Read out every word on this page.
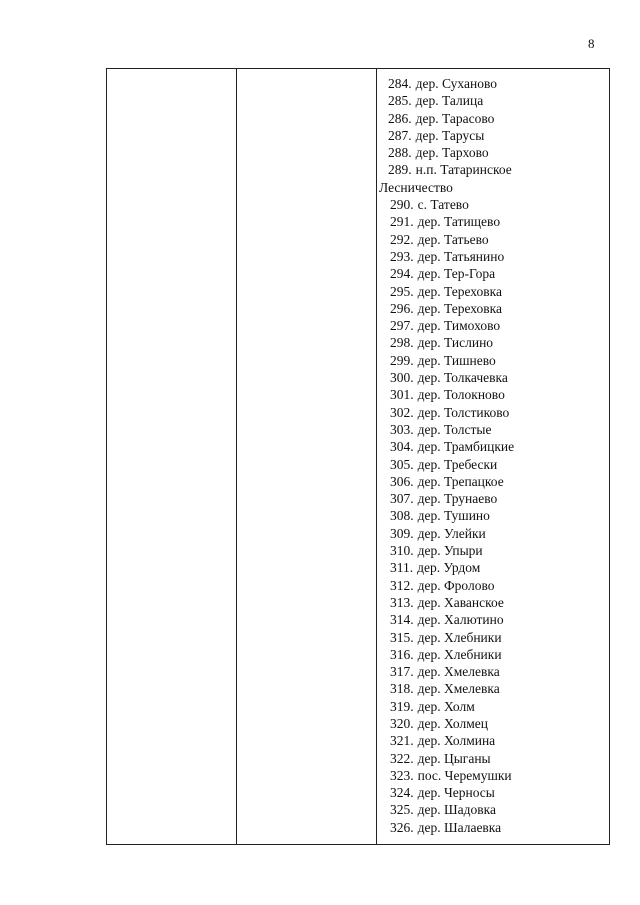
8
284. дер. Суханово
285. дер. Талица
286. дер. Тарасово
287. дер. Тарусы
288. дер. Тархово
289. н.п. Татаринское
Лесничество
290. с. Татево
291. дер. Татищево
292. дер. Татьево
293. дер. Татьянино
294. дер. Тер-Гора
295. дер. Тереховка
296. дер. Тереховка
297. дер. Тимохово
298. дер. Тислино
299. дер. Тишнево
300. дер. Толкачевка
301. дер. Толокново
302. дер. Толстиково
303. дер. Толстые
304. дер. Трамбицкие
305. дер. Требески
306. дер. Трепацкое
307. дер. Трунаево
308. дер. Тушино
309. дер. Улейки
310. дер. Упыри
311. дер. Урдом
312. дер. Фролово
313. дер. Хаванское
314. дер. Халютино
315. дер. Хлебники
316. дер. Хлебники
317. дер. Хмелевка
318. дер. Хмелевка
319. дер. Холм
320. дер. Холмец
321. дер. Холмина
322. дер. Цыганы
323. пос. Черемушки
324. дер. Черносы
325. дер. Шадовка
326. дер. Шалаевка
